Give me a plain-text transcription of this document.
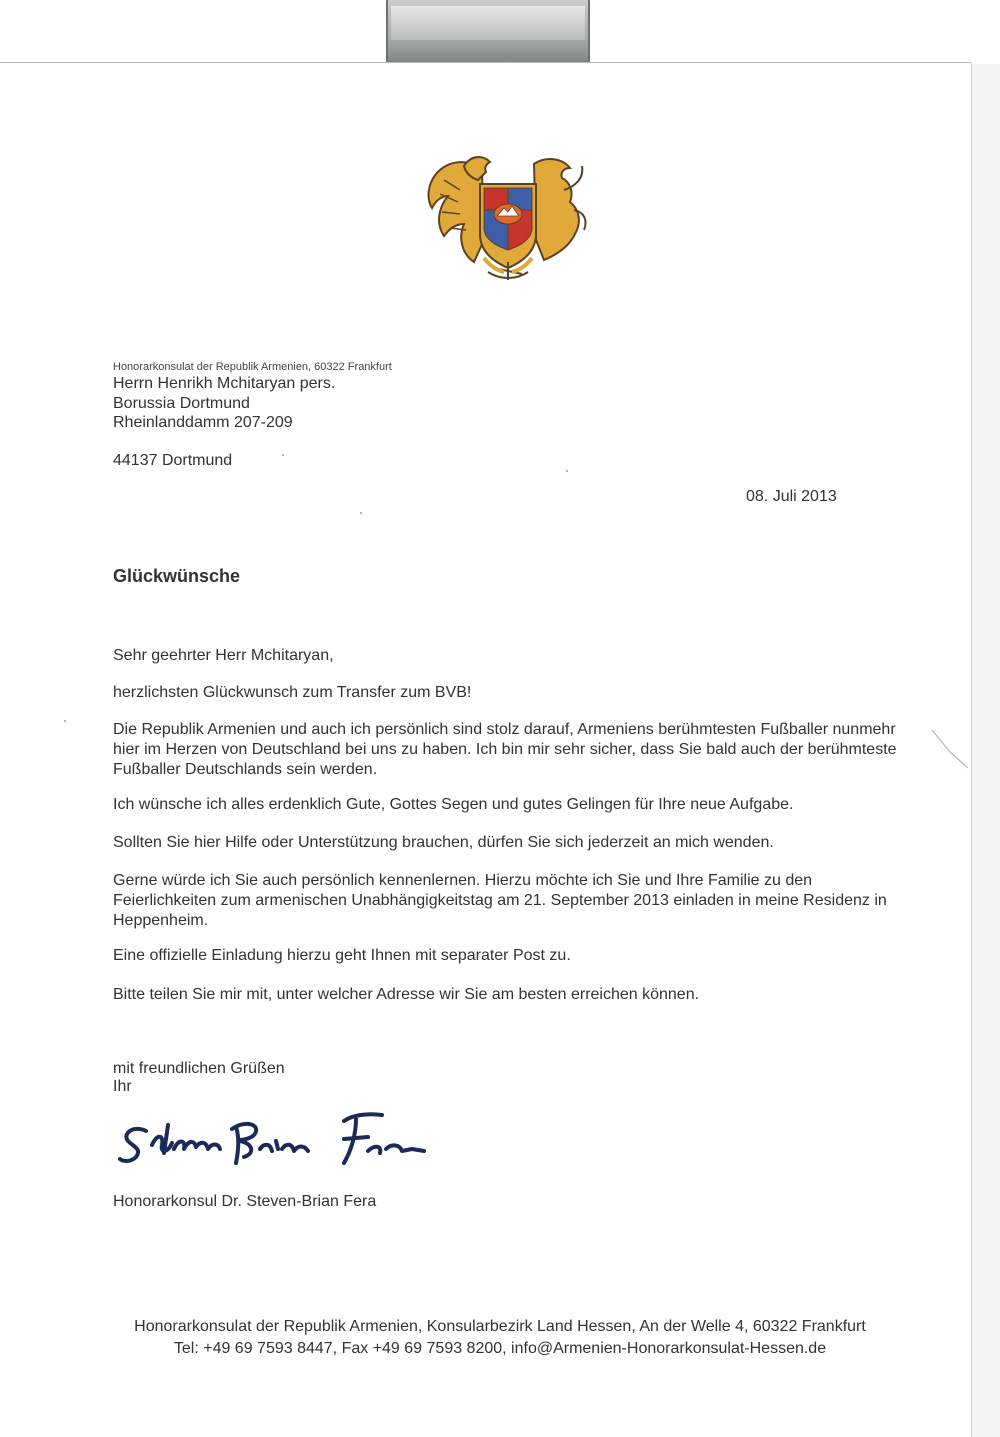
Honorarkonsulat der Republik Armenien, 60322 Frankfurt
Herrn Henrikh Mchitaryan pers.
Borussia Dortmund
Rheinlanddamm 207-209
44137 Dortmund
08. Juli 2013
Glückwünsche
Sehr geehrter Herr Mchitaryan,
herzlichsten Glückwunsch zum Transfer zum BVB!
Die Republik Armenien und auch ich persönlich sind stolz darauf, Armeniens berühmtesten Fußballer nunmehr hier im Herzen von Deutschland bei uns zu haben. Ich bin mir sehr sicher, dass Sie bald auch der berühmteste Fußballer Deutschlands sein werden.
Ich wünsche ich alles erdenklich Gute, Gottes Segen und gutes Gelingen für Ihre neue Aufgabe.
Sollten Sie hier Hilfe oder Unterstützung brauchen, dürfen Sie sich jederzeit an mich wenden.
Gerne würde ich Sie auch persönlich kennenlernen. Hierzu möchte ich Sie und Ihre Familie zu den Feierlichkeiten zum armenischen Unabhängigkeitstag am 21. September 2013 einladen in meine Residenz in Heppenheim.
Eine offizielle Einladung hierzu geht Ihnen mit separater Post zu.
Bitte teilen Sie mir mit, unter welcher Adresse wir Sie am besten erreichen können.
mit freundlichen Grüßen
Ihr
Honorarkonsul Dr. Steven-Brian Fera
Honorarkonsulat der Republik Armenien, Konsularbezirk Land Hessen, An der Welle 4, 60322 Frankfurt
Tel: +49 69 7593 8447, Fax +49 69 7593 8200, info@Armenien-Honorarkonsulat-Hessen.de
